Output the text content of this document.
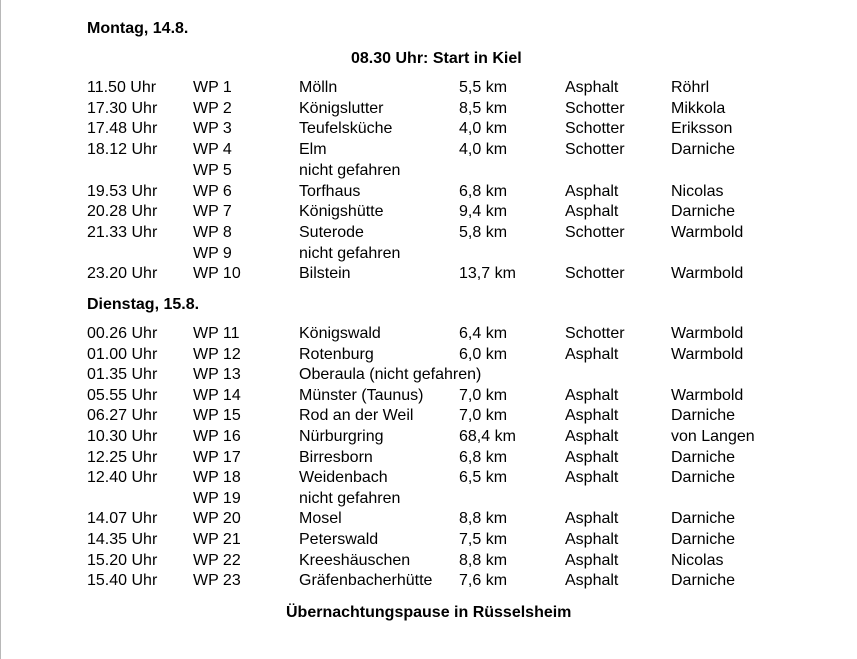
Montag, 14.8.
08.30 Uhr: Start in Kiel
11.50 Uhr WP 1	Mölln	5,5 km	Asphalt	Röhrl
17.30 Uhr WP 2	Königslutter	8,5 km	Schotter	Mikkola
17.48 Uhr WP 3	Teufelsküche	4,0 km	Schotter	Eriksson
18.12 Uhr WP 4	Elm	4,0 km	Schotter	Darniche
WP 5	nicht gefahren
19.53 Uhr WP 6	Torfhaus	6,8 km	Asphalt	Nicolas
20.28 Uhr WP 7	Königshütte	9,4 km	Asphalt	Darniche
21.33 Uhr WP 8	Suterode	5,8 km	Schotter	Warmbold
WP 9	nicht gefahren
23.20 Uhr WP 10	Bilstein	13,7 km	Schotter	Warmbold
Dienstag, 15.8.
00.26 Uhr WP 11	Königswald	6,4 km	Schotter	Warmbold
01.00 Uhr WP 12	Rotenburg	6,0 km	Asphalt	Warmbold
01.35 Uhr WP 13	Oberaula (nicht gefahren)
05.55 Uhr WP 14	Münster (Taunus) 7,0 km	Asphalt	Warmbold
06.27 Uhr WP 15	Rod an der Weil	7,0 km	Asphalt	Darniche
10.30 Uhr WP 16	Nürburgring	68,4 km	Asphalt	von Langen
12.25 Uhr WP 17	Birresborn	6,8 km	Asphalt	Darniche
12.40 Uhr WP 18	Weidenbach	6,5 km	Asphalt	Darniche
WP 19	nicht gefahren
14.07 Uhr WP 20	Mosel	8,8 km	Asphalt	Darniche
14.35 Uhr WP 21	Peterswald	7,5 km	Asphalt	Darniche
15.20 Uhr WP 22	Kreeshäuschen	8,8 km	Asphalt	Nicolas
15.40 Uhr WP 23	Gräfenbacherhütte 7,6 km	Asphalt	Darniche
Übernachtungspause in Rüsselsheim
